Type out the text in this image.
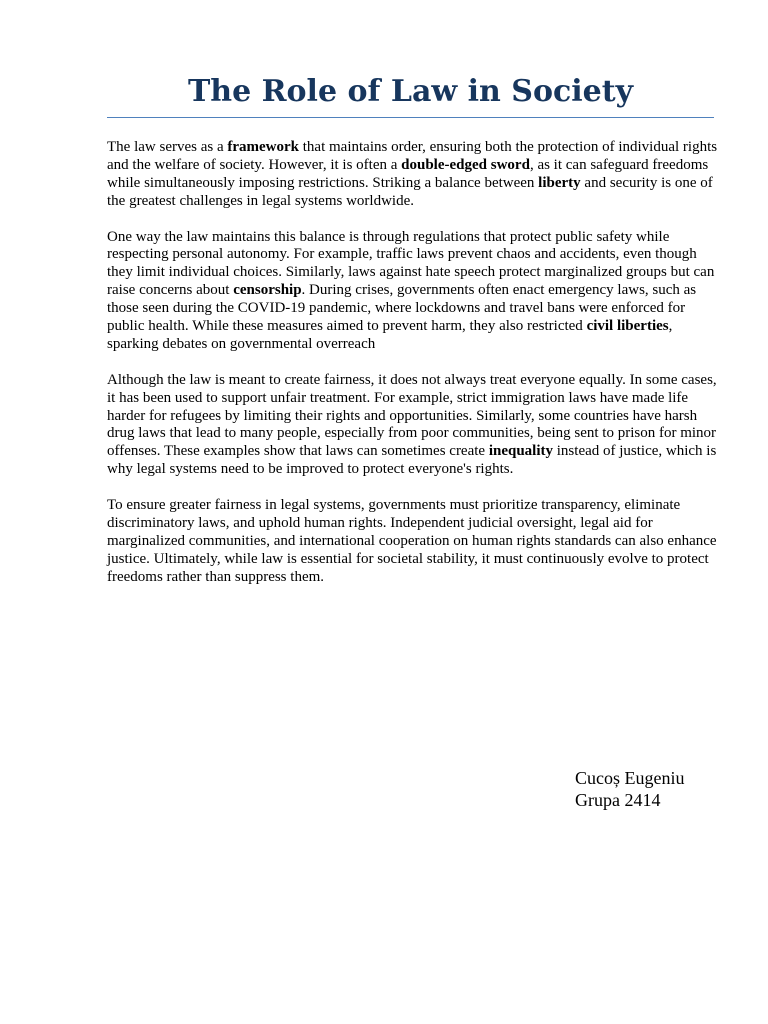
The Role of Law in Society

The law serves as a framework that maintains order, ensuring both the protection of individual rights and the welfare of society. However, it is often a double-edged sword, as it can safeguard freedoms while simultaneously imposing restrictions. Striking a balance between liberty and security is one of the greatest challenges in legal systems worldwide.

One way the law maintains this balance is through regulations that protect public safety while respecting personal autonomy. For example, traffic laws prevent chaos and accidents, even though they limit individual choices. Similarly, laws against hate speech protect marginalized groups but can raise concerns about censorship. During crises, governments often enact emergency laws, such as those seen during the COVID-19 pandemic, where lockdowns and travel bans were enforced for public health. While these measures aimed to prevent harm, they also restricted civil liberties, sparking debates on governmental overreach

Although the law is meant to create fairness, it does not always treat everyone equally. In some cases, it has been used to support unfair treatment. For example, strict immigration laws have made life harder for refugees by limiting their rights and opportunities. Similarly, some countries have harsh drug laws that lead to many people, especially from poor communities, being sent to prison for minor offenses. These examples show that laws can sometimes create inequality instead of justice, which is why legal systems need to be improved to protect everyone's rights.

To ensure greater fairness in legal systems, governments must prioritize transparency, eliminate discriminatory laws, and uphold human rights. Independent judicial oversight, legal aid for marginalized communities, and international cooperation on human rights standards can also enhance justice. Ultimately, while law is essential for societal stability, it must continuously evolve to protect freedoms rather than suppress them.

Cucoș Eugeniu
Grupa 2414
